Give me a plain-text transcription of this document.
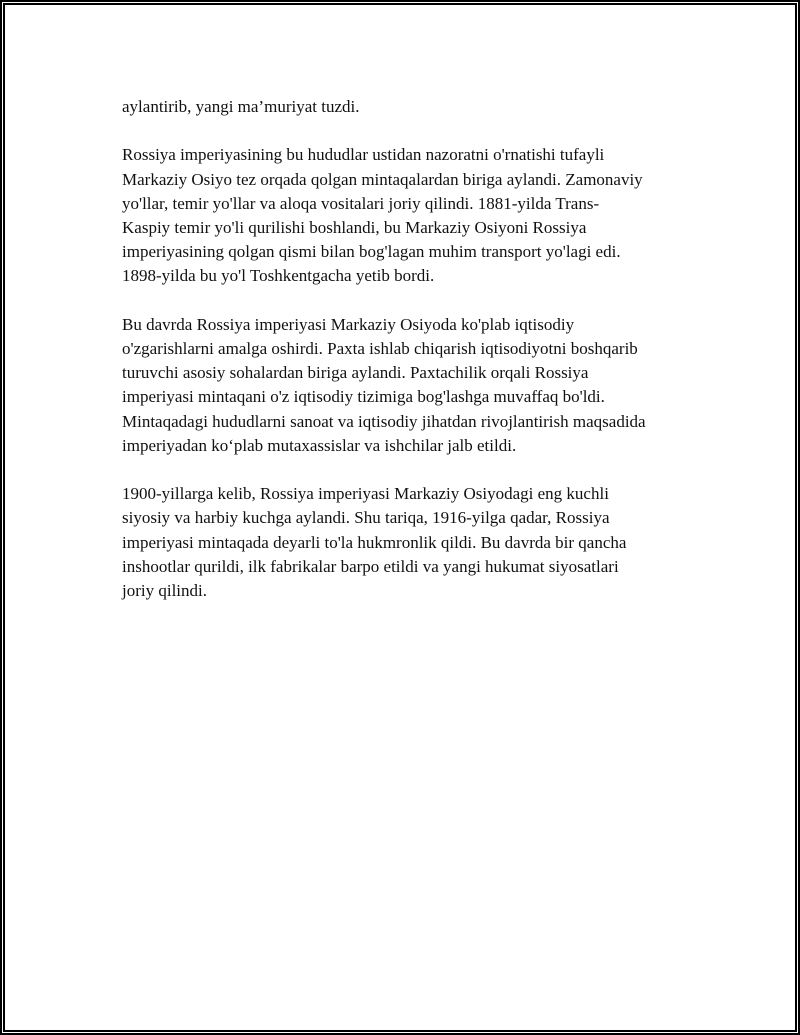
aylantirib, yangi ma’muriyat tuzdi.

Rossiya imperiyasining bu hududlar ustidan nazoratni o'rnatishi tufayli
Markaziy Osiyo tez orqada qolgan mintaqalardan biriga aylandi. Zamonaviy
yo'llar, temir yo'llar va aloqa vositalari joriy qilindi. 1881-yilda Trans-
Kaspiy temir yo'li qurilishi boshlandi, bu Markaziy Osiyoni Rossiya
imperiyasining qolgan qismi bilan bog'lagan muhim transport yo'lagi edi.
1898-yilda bu yo'l Toshkentgacha yetib bordi.

Bu davrda Rossiya imperiyasi Markaziy Osiyoda ko'plab iqtisodiy
o'zgarishlarni amalga oshirdi. Paxta ishlab chiqarish iqtisodiyotni boshqarib
turuvchi asosiy sohalardan biriga aylandi. Paxtachilik orqali Rossiya
imperiyasi mintaqani o'z iqtisodiy tizimiga bog'lashga muvaffaq bo'ldi.
Mintaqadagi hududlarni sanoat va iqtisodiy jihatdan rivojlantirish maqsadida
imperiyadan ko‘plab mutaxassislar va ishchilar jalb etildi.

1900-yillarga kelib, Rossiya imperiyasi Markaziy Osiyodagi eng kuchli
siyosiy va harbiy kuchga aylandi. Shu tariqa, 1916-yilga qadar, Rossiya
imperiyasi mintaqada deyarli to'la hukmronlik qildi. Bu davrda bir qancha
inshootlar qurildi, ilk fabrikalar barpo etildi va yangi hukumat siyosatlari
joriy qilindi.
